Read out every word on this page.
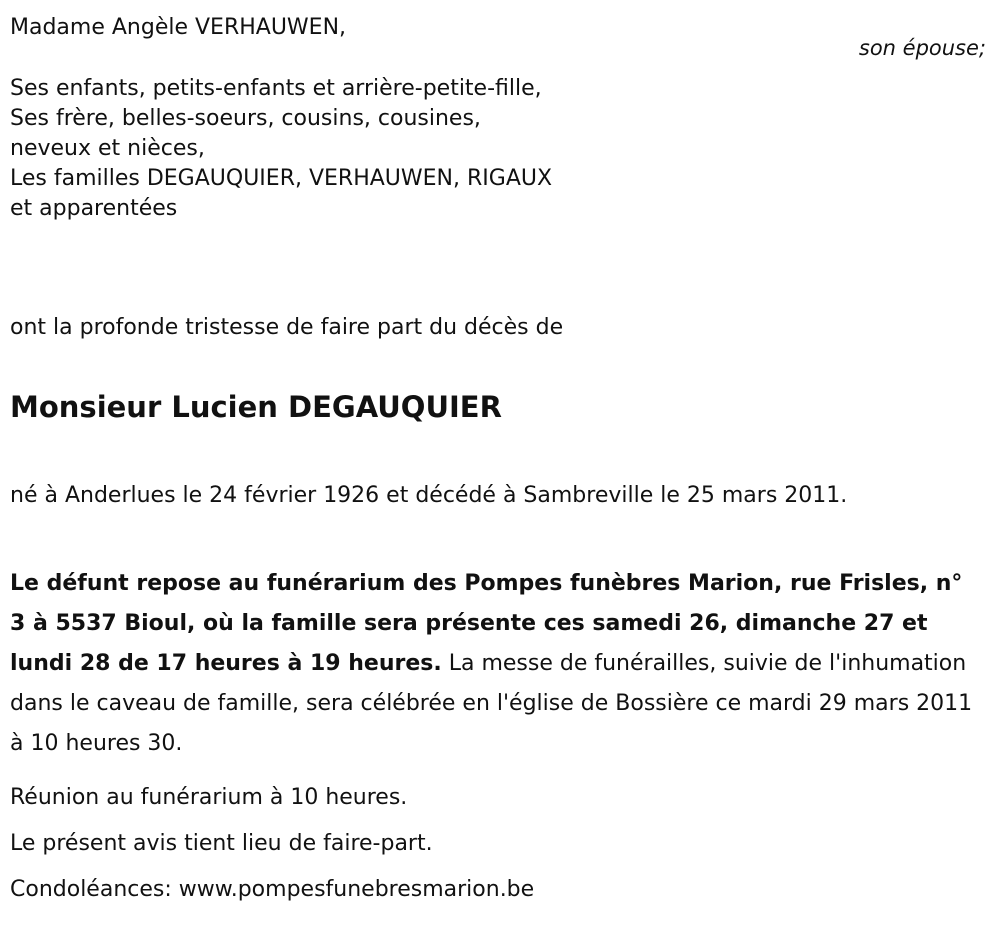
Madame Angèle VERHAUWEN,
son épouse;
Ses enfants, petits-enfants et arrière-petite-fille,
Ses frère, belles-soeurs, cousins, cousines,
neveux et nièces,
Les familles DEGAUQUIER, VERHAUWEN, RIGAUX
et apparentées
ont la profonde tristesse de faire part du décès de
Monsieur Lucien DEGAUQUIER
né à Anderlues le 24 février 1926 et décédé à Sambreville le 25 mars 2011.
Le défunt repose au funérarium des Pompes funèbres Marion, rue Frisles, n° 3 à 5537 Bioul, où la famille sera présente ces samedi 26, dimanche 27 et lundi 28 de 17 heures à 19 heures. La messe de funérailles, suivie de l'inhumation dans le caveau de famille, sera célébrée en l'église de Bossière ce mardi 29 mars 2011 à 10 heures 30.
Réunion au funérarium à 10 heures.
Le présent avis tient lieu de faire-part.
Condoléances: www.pompesfunebresmarion.be
